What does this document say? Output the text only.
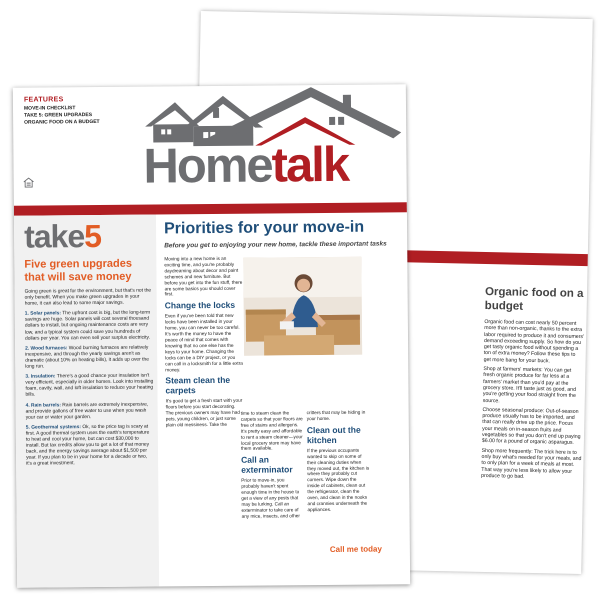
Organic food on a budget

Organic food can cost nearly 50 percent more than non-organic, thanks to the extra labor required to produce it and consumers' demand exceeding supply. So how do you get tasty organic food without spending a ton of extra money? Follow these tips to get more bang for your buck.

Shop at farmers' markets: You can get fresh organic produce for far less at a farmers' market than you'd pay at the grocery store. It'll taste just as good, and you're getting your food straight from the source.

Choose seasonal produce: Out-of-season produce usually has to be imported, and that can really drive up the price. Focus your meals on in-season fruits and vegetables so that you don't end up paying $6.00 for a pound of organic asparagus.

Shop more frequently: The trick here is to only buy what's needed for your meals, and to only plan for a week of meals at most. That way you're less likely to allow your produce to go bad.

FEATURES
MOVE-IN CHECKLIST
TAKE 5: GREEN UPGRADES
ORGANIC FOOD ON A BUDGET
Hometalk
take5
Five green upgrades that will save money

Going green is great for the environment, but that's not the only benefit. When you make green upgrades in your home, it can also lead to some major savings.

1. Solar panels: The upfront cost is big, but the long-term savings are huge. Solar panels will cost several thousand dollars to install, but ongoing maintenance costs are very low, and a typical system could save you hundreds of dollars per year. You can even sell your surplus electricity.

2. Wood furnaces: Wood burning furnaces are relatively inexpensive, and through the yearly savings aren't as dramatic (about 10% on heating bills), it adds up over the long run.

3. Insulation: There's a good chance your insulation isn't very efficient, especially in older homes. Look into installing foam, cavity, wall, and loft insulation to reduce your heating bills.

4. Rain barrels: Rain barrels are extremely inexpensive, and provide gallons of free water to use when you wash your car or water your garden.

5. Geothermal systems: Ok, so the price tag is scary at first. A good thermal system uses the earth's temperature to heat and cool your home, but can cost $30,000 to install. But tax credits allow you to get a lot of that money back, and the energy savings average about $1,500 per year. If you plan to be in your home for a decade or two, it's a great investment.

Priorities for your move-in
Before you get to enjoying your new home, tackle these important tasks

Moving into a new home is an exciting time, and you're probably daydreaming about decor and paint schemes and new furniture. But before you get into the fun stuff, there are some basics you should cover first.

Change the locks

Even if you've been told that new locks have been installed in your home, you can never be too careful. It's worth the money to have the peace of mind that comes with knowing that no one else has the keys to your home. Changing the locks can be a DIY project, or you can call in a locksmith for a little extra money.

Steam clean the carpets

It's good to get a fresh start with your floors before you start decorating. The previous owners may have had pets, young children, or just some plain old messiness. Take the

time to steam clean the carpets so that your floors are free of stains and allergens. It's pretty easy and affordable to rent a steam cleaner—your local grocery store may have them available.

Call an exterminator

Prior to move-in, you probably haven't spent enough time in the house to get a view of any pests that may be lurking. Call an exterminator to take care of any mice, insects, and other

critters that may be hiding in your home.

Clean out the kitchen

If the previous occupants wanted to skip on some of their cleaning duties when they moved out, the kitchen is where they probably cut corners. Wipe down the inside of cabinets, clean out the refrigerator, clean the oven, and clean in the nooks and crannies underneath the appliances.

Call me today
